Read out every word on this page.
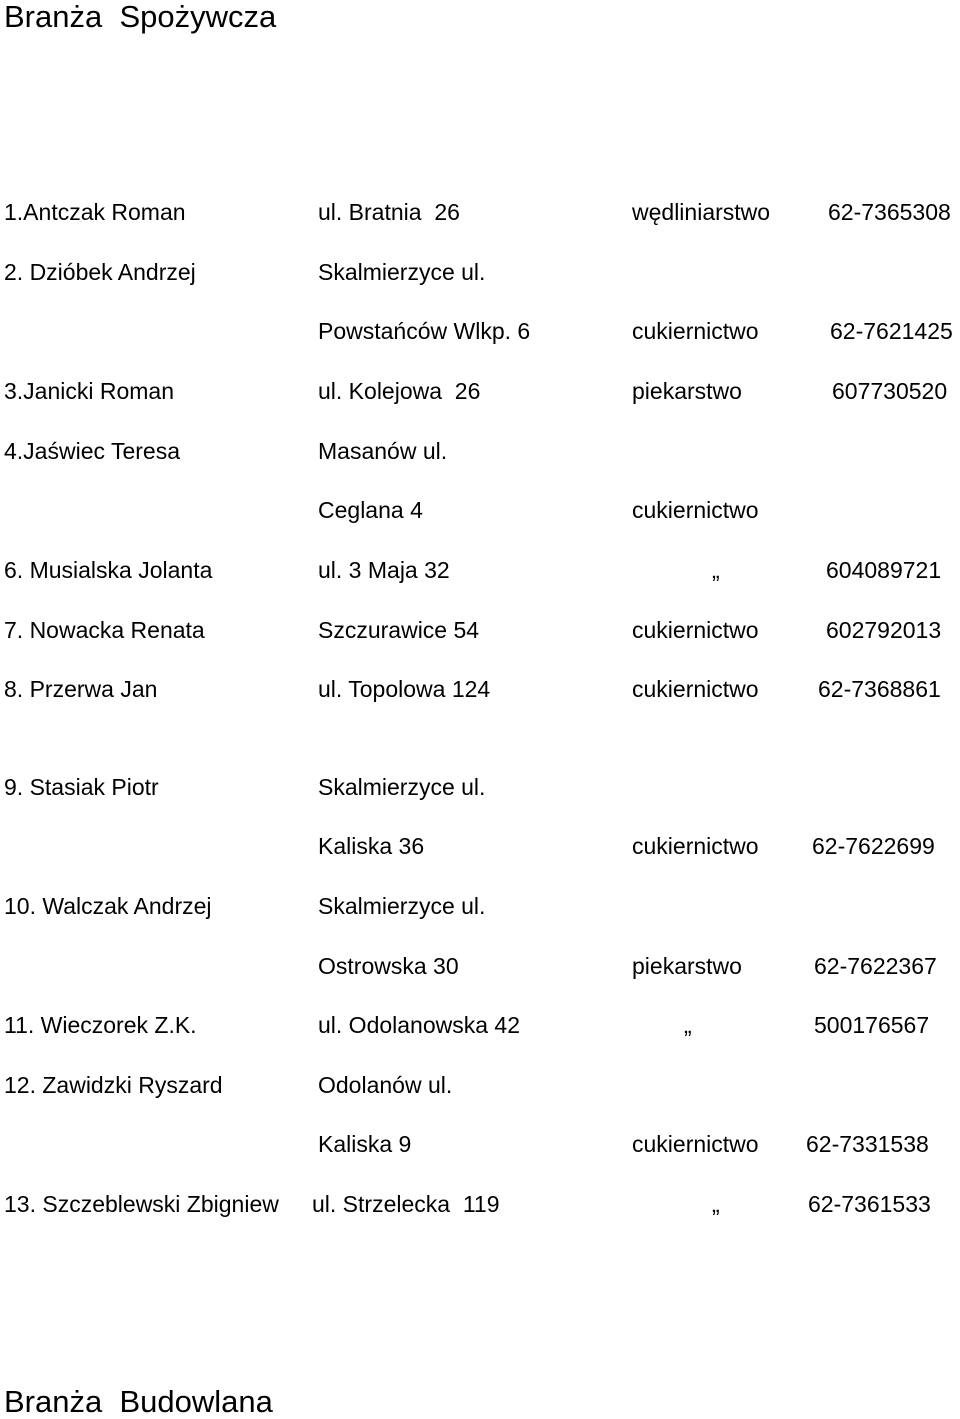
Branża  Spożywcza
1.Antczak Roman	ul. Bratnia  26	wędliniarstwo	62-7365308
2. Dzióbek Andrzej	Skalmierzyce ul.
Powstańców Wlkp. 6	cukiernictwo	62-7621425
3.Janicki Roman	ul. Kolejowa  26	piekarstwo	607730520
4.Jaświec Teresa	Masanów ul.
Ceglana 4	cukiernictwo
6. Musialska Jolanta	ul. 3 Maja 32	„	604089721
7. Nowacka Renata	Szczurawice 54	cukiernictwo	602792013
8. Przerwa Jan	ul. Topolowa 124	cukiernictwo	62-7368861
9. Stasiak Piotr	Skalmierzyce ul.
Kaliska 36	cukiernictwo 62-7622699
10. Walczak Andrzej	Skalmierzyce ul.
Ostrowska 30	piekarstwo	62-7622367
11. Wieczorek Z.K.	ul. Odolanowska 42	„	500176567
12. Zawidzki Ryszard	Odolanów ul.
Kaliska 9	cukiernictwo 62-7331538
13. Szczeblewski Zbigniew ul. Strzelecka  119	„	62-7361533
Branża  Budowlana
